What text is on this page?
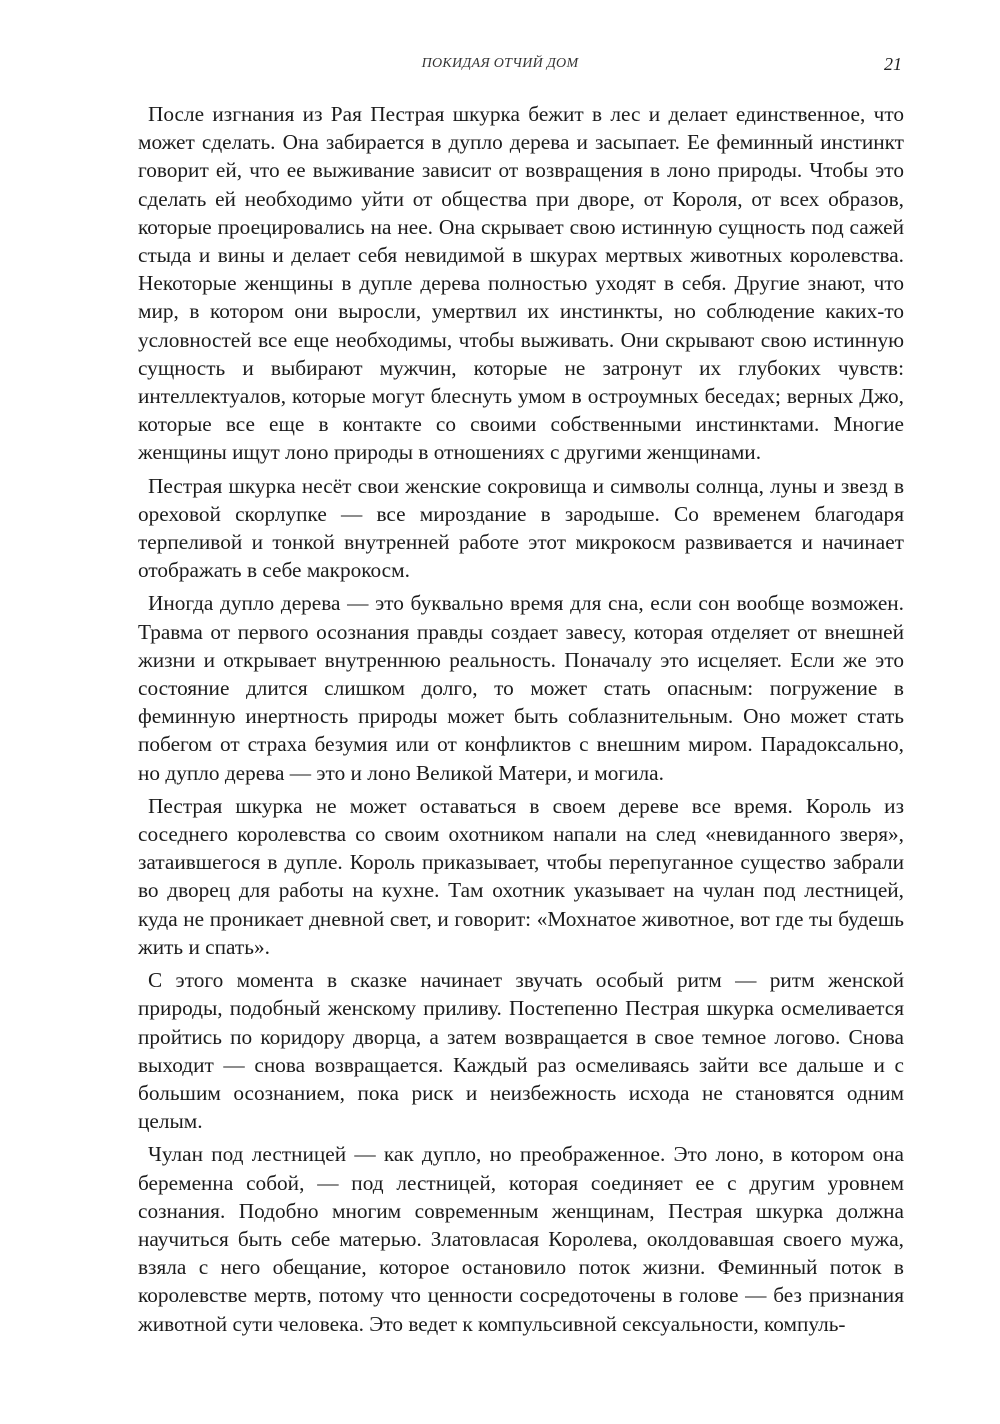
ПОКИДАЯ ОТЧИЙ ДОМ	21

После изгнания из Рая Пестрая шкурка бежит в лес и делает единственное, что может сделать. Она забирается в дупло дерева и засыпает. Ее феминный инстинкт говорит ей, что ее выживание зависит от возвращения в лоно природы. Чтобы это сделать ей необходимо уйти от общества при дворе, от Короля, от всех образов, которые проецировались на нее. Она скрывает свою истинную сущность под сажей стыда и вины и делает себя невидимой в шкурах мертвых животных королевства. Некоторые женщины в дупле дерева полностью уходят в себя. Другие знают, что мир, в котором они выросли, умертвил их инстинкты, но соблюдение каких-то условностей все еще необходимы, чтобы выживать. Они скрывают свою истинную сущность и выбирают мужчин, которые не затронут их глубоких чувств: интеллектуалов, которые могут блеснуть умом в остроумных беседах; верных Джо, которые все еще в контакте со своими собственными инстинктами. Многие женщины ищут лоно природы в отношениях с другими женщинами.

Пестрая шкурка несёт свои женские сокровища и символы солнца, луны и звезд в ореховой скорлупке — все мироздание в зародыше. Со временем благодаря терпеливой и тонкой внутренней работе этот микрокосм развивается и начинает отображать в себе макрокосм.

Иногда дупло дерева — это буквально время для сна, если сон вообще возможен. Травма от первого осознания правды создает завесу, которая отделяет от внешней жизни и открывает внутреннюю реальность. Поначалу это исцеляет. Если же это состояние длится слишком долго, то может стать опасным: погружение в феминную инертность природы может быть соблазнительным. Оно может стать побегом от страха безумия или от конфликтов с внешним миром. Парадоксально, но дупло дерева — это и лоно Великой Матери, и могила.

Пестрая шкурка не может оставаться в своем дереве все время. Король из соседнего королевства со своим охотником напали на след «невиданного зверя», затаившегося в дупле. Король приказывает, чтобы перепуганное существо забрали во дворец для работы на кухне. Там охотник указывает на чулан под лестницей, куда не проникает дневной свет, и говорит: «Мохнатое животное, вот где ты будешь жить и спать».

С этого момента в сказке начинает звучать особый ритм — ритм женской природы, подобный женскому приливу. Постепенно Пестрая шкурка осмеливается пройтись по коридору дворца, а затем возвращается в свое темное логово. Снова выходит — снова возвращается. Каждый раз осмеливаясь зайти все дальше и с большим осознанием, пока риск и неизбежность исхода не становятся одним целым.

Чулан под лестницей — как дупло, но преображенное. Это лоно, в котором она беременна собой, — под лестницей, которая соединяет ее с другим уровнем сознания. Подобно многим современным женщинам, Пестрая шкурка должна научиться быть себе матерью. Златовласая Королева, околдовавшая своего мужа, взяла с него обещание, которое остановило поток жизни. Феминный поток в королевстве мертв, потому что ценности сосредоточены в голове — без признания животной сути человека. Это ведет к компульсивной сексуальности, компуль-
